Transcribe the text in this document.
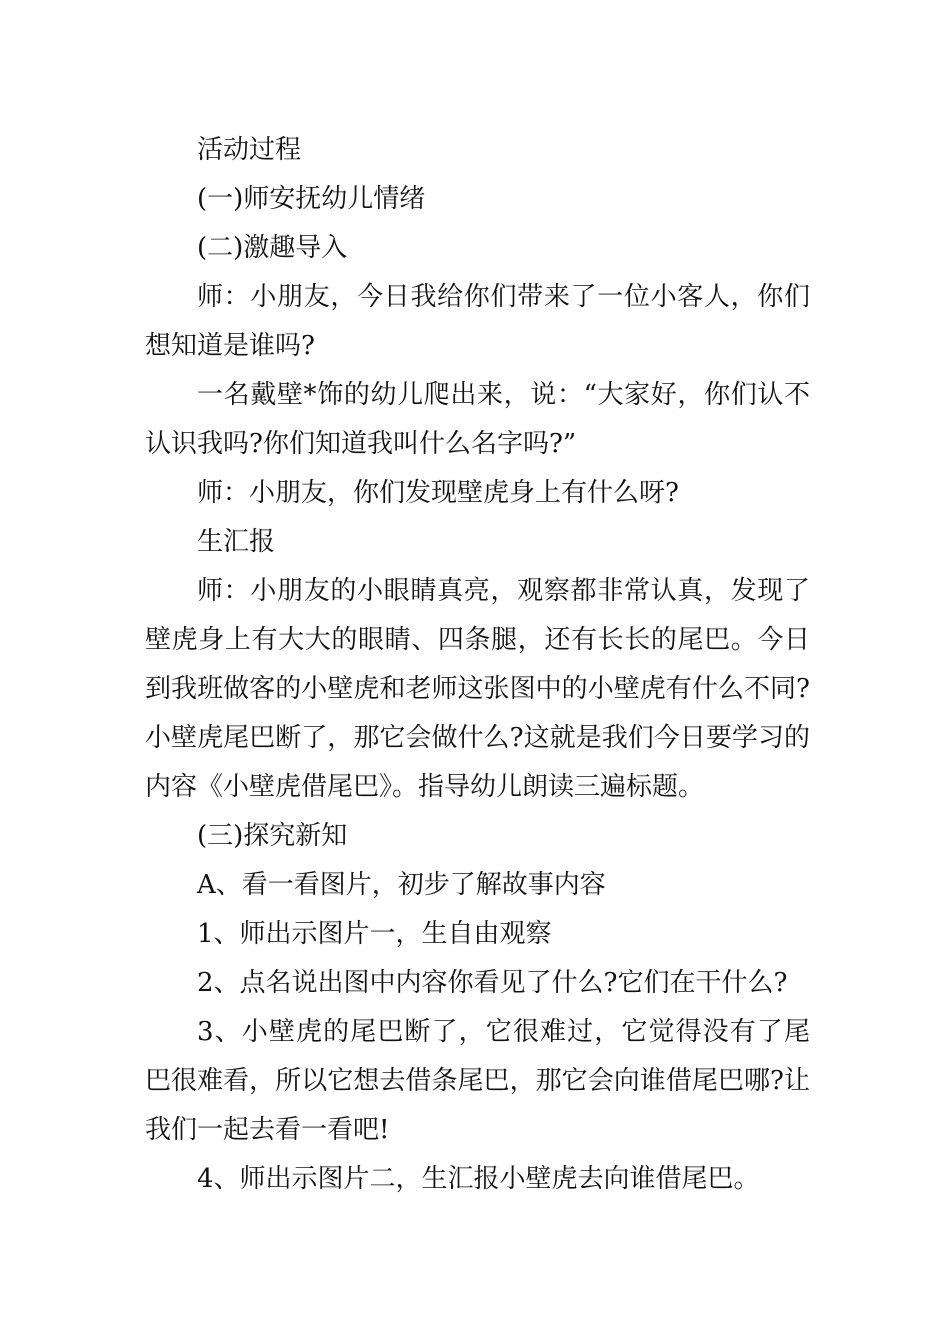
活动过程

(一)师安抚幼儿情绪

(二)激趣导入

师：小朋友，今日我给你们带来了一位小客人，你们想知道是谁吗?

一名戴壁*饰的幼儿爬出来，说：“大家好，你们认不认识我吗?你们知道我叫什么名字吗?”

师：小朋友，你们发现壁虎身上有什么呀?

生汇报

师：小朋友的小眼睛真亮，观察都非常认真，发现了壁虎身上有大大的眼睛、四条腿，还有长长的尾巴。今日到我班做客的小壁虎和老师这张图中的小壁虎有什么不同?小壁虎尾巴断了，那它会做什么?这就是我们今日要学习的内容《小壁虎借尾巴》。指导幼儿朗读三遍标题。

(三)探究新知

A、看一看图片，初步了解故事内容

1、师出示图片一，生自由观察

2、点名说出图中内容你看见了什么?它们在干什么?

3、小壁虎的尾巴断了，它很难过，它觉得没有了尾巴很难看，所以它想去借条尾巴，那它会向谁借尾巴哪?让我们一起去看一看吧!

4、师出示图片二，生汇报小壁虎去向谁借尾巴。
